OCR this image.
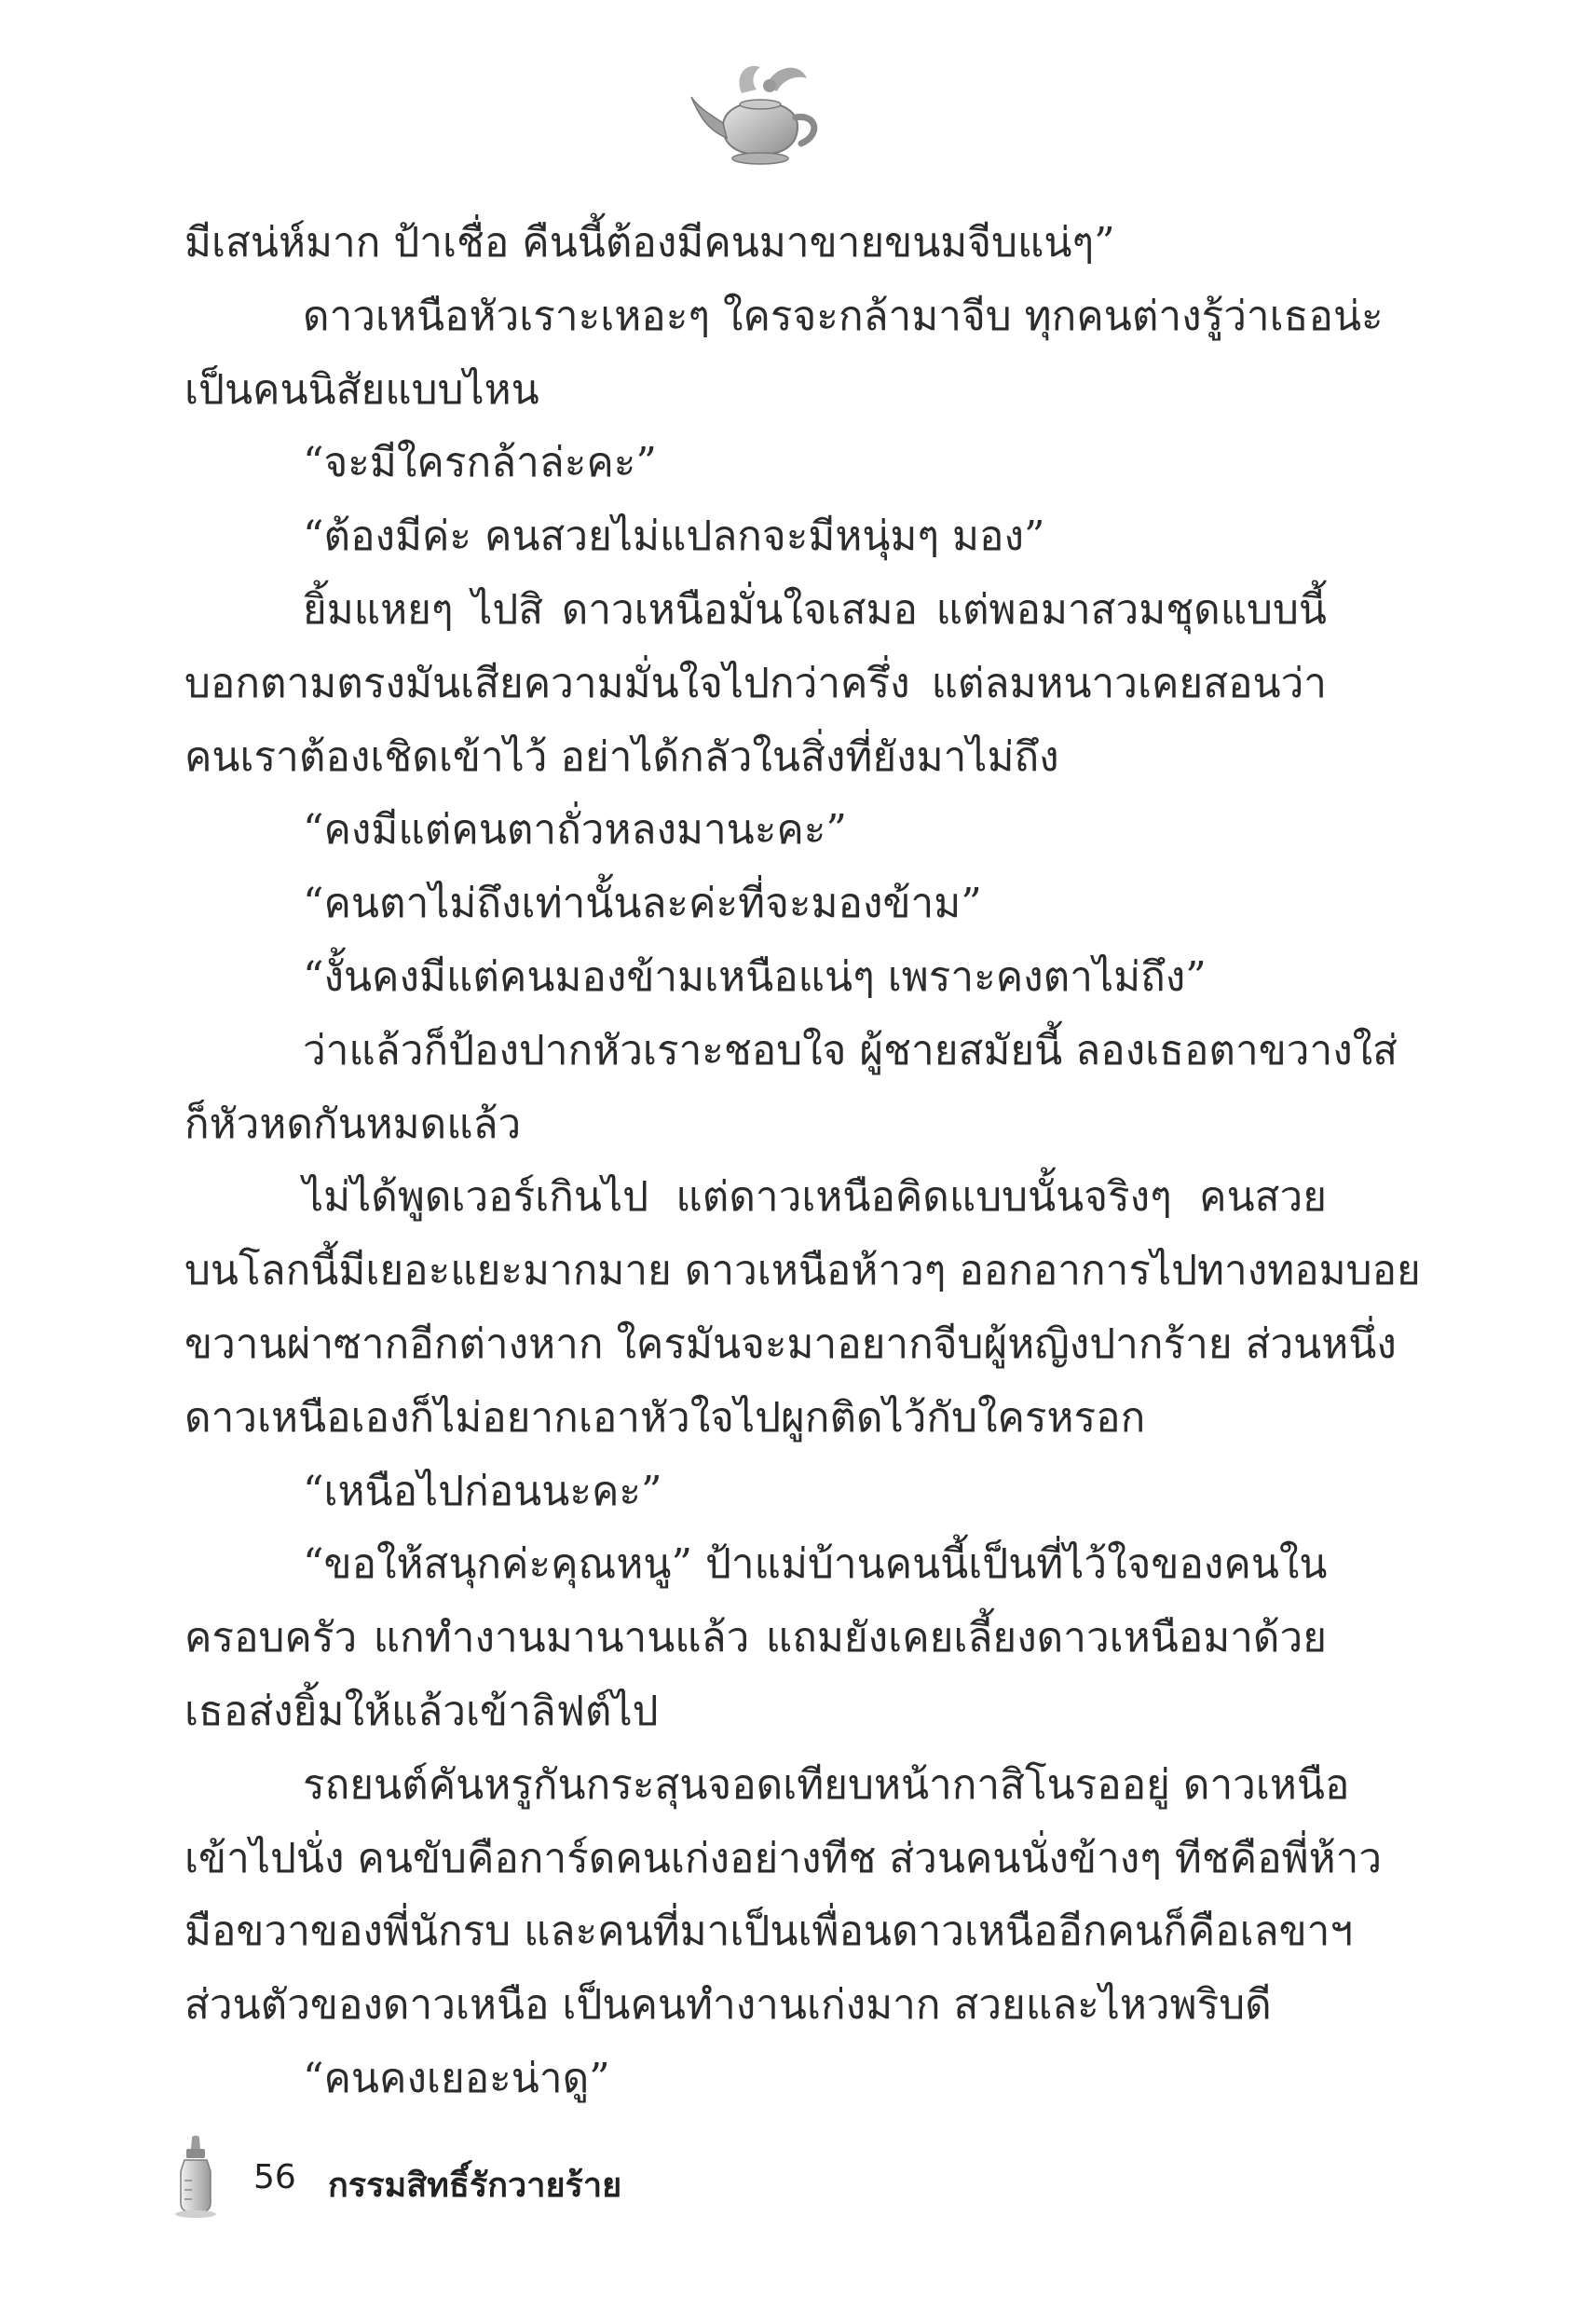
มีเสน่ห์มาก ป้าเชื่อ คืนนี้ต้องมีคนมาขายขนมจีบแน่ๆ”
ดาวเหนือหัวเราะเหอะๆ ใครจะกล้ามาจีบ ทุกคนต่างรู้ว่าเธอน่ะ
เป็นคนนิสัยแบบไหน
“จะมีใครกล้าล่ะคะ”
“ต้องมีค่ะ คนสวยไม่แปลกจะมีหนุ่มๆ มอง”
ยิ้มแหยๆ ไปสิ ดาวเหนือมั่นใจเสมอ แต่พอมาสวมชุดแบบนี้
บอกตามตรงมันเสียความมั่นใจไปกว่าครึ่ง แต่ลมหนาวเคยสอนว่า
คนเราต้องเชิดเข้าไว้ อย่าได้กลัวในสิ่งที่ยังมาไม่ถึง
“คงมีแต่คนตาถั่วหลงมานะคะ”
“คนตาไม่ถึงเท่านั้นละค่ะที่จะมองข้าม”
“งั้นคงมีแต่คนมองข้ามเหนือแน่ๆ เพราะคงตาไม่ถึง”
ว่าแล้วก็ป้องปากหัวเราะชอบใจ ผู้ชายสมัยนี้ ลองเธอตาขวางใส่
ก็หัวหดกันหมดแล้ว
ไม่ได้พูดเวอร์เกินไป แต่ดาวเหนือคิดแบบนั้นจริงๆ คนสวย
บนโลกนี้มีเยอะแยะมากมาย ดาวเหนือห้าวๆ ออกอาการไปทางทอมบอย
ขวานผ่าซากอีกต่างหาก ใครมันจะมาอยากจีบผู้หญิงปากร้าย ส่วนหนึ่ง
ดาวเหนือเองก็ไม่อยากเอาหัวใจไปผูกติดไว้กับใครหรอก
“เหนือไปก่อนนะคะ”
“ขอให้สนุกค่ะคุณหนู” ป้าแม่บ้านคนนี้เป็นที่ไว้ใจของคนใน
ครอบครัว แกทำงานมานานแล้ว แถมยังเคยเลี้ยงดาวเหนือมาด้วย
เธอส่งยิ้มให้แล้วเข้าลิฟต์ไป
รถยนต์คันหรูกันกระสุนจอดเทียบหน้ากาสิโนรออยู่ ดาวเหนือ
เข้าไปนั่ง คนขับคือการ์ดคนเก่งอย่างทีช ส่วนคนนั่งข้างๆ ทีชคือพี่ห้าว
มือขวาของพี่นักรบ และคนที่มาเป็นเพื่อนดาวเหนืออีกคนก็คือเลขาฯ
ส่วนตัวของดาวเหนือ เป็นคนทำงานเก่งมาก สวยและไหวพริบดี
“คนคงเยอะน่าดู”
56 กรรมสิทธิ์รักวายร้าย
